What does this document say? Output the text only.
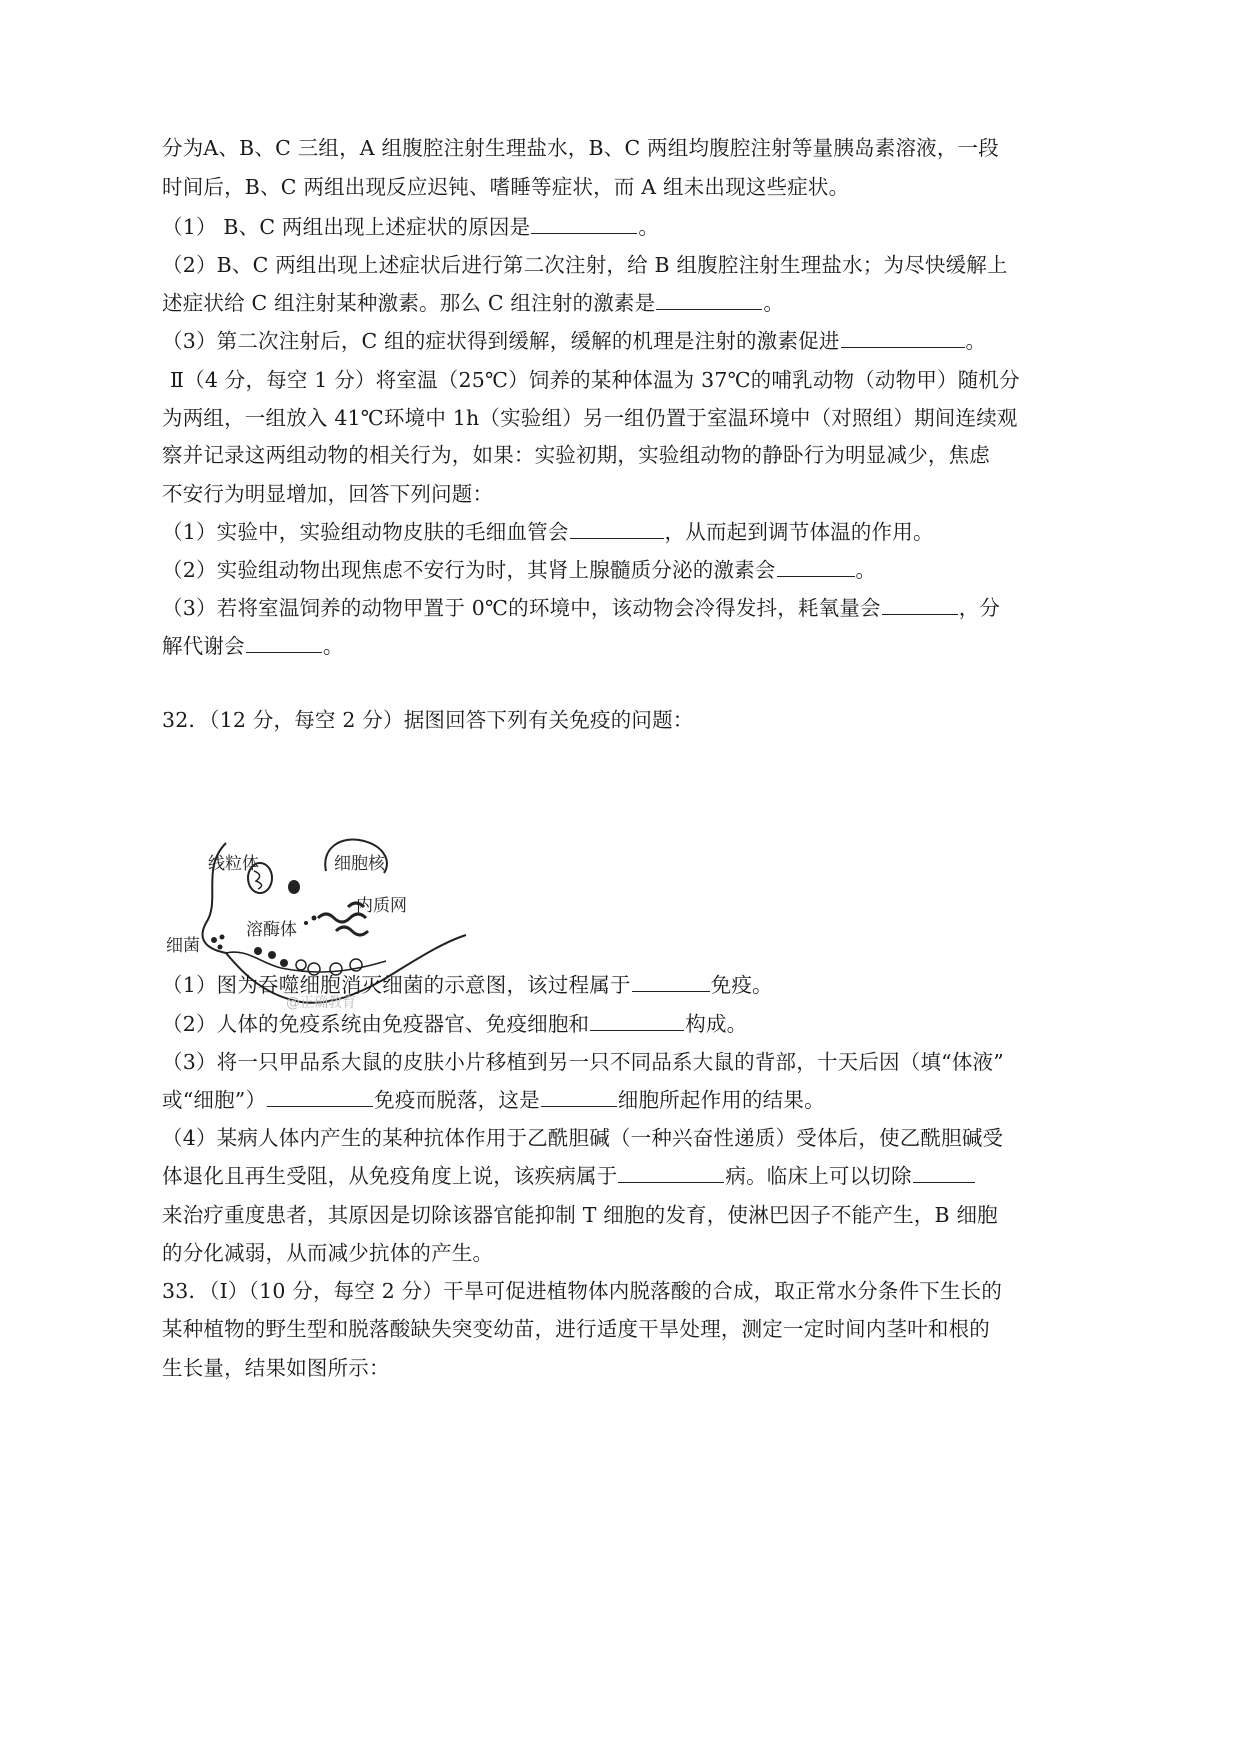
分为A、B、C 三组，A 组腹腔注射生理盐水，B、C 两组均腹腔注射等量胰岛素溶液，一段
时间后，B、C 两组出现反应迟钝、嗜睡等症状，而 A 组未出现这些症状。
（1） B、C 两组出现上述症状的原因是	。
（2）B、C 两组出现上述症状后进行第二次注射，给 B 组腹腔注射生理盐水；为尽快缓解上
述症状给 C 组注射某种激素。那么 C 组注射的激素是	。
（3）第二次注射后，C 组的症状得到缓解，缓解的机理是注射的激素促进	。
Ⅱ（4 分，每空 1 分）将室温（25℃）饲养的某种体温为 37℃的哺乳动物（动物甲）随机分
为两组，一组放入 41℃环境中 1h（实验组）另一组仍置于室温环境中（对照组）期间连续观
察并记录这两组动物的相关行为，如果：实验初期，实验组动物的静卧行为明显减少，焦虑
不安行为明显增加，回答下列问题：
（1）实验中，实验组动物皮肤的毛细血管会	，从而起到调节体温的作用。
（2）实验组动物出现焦虑不安行为时，其肾上腺髓质分泌的激素会	。
（3）若将室温饲养的动物甲置于 0℃的环境中，该动物会冷得发抖，耗氧量会	，分
解代谢会	。
32．（12 分，每空 2 分）据图回答下列有关免疫的问题：
线粒体	细胞核
内质网
溶酶体
细菌
@正确教育
（1）图为吞噬细胞消灭细菌的示意图，该过程属于	免疫。
（2）人体的免疫系统由免疫器官、免疫细胞和	构成。
（3）将一只甲品系大鼠的皮肤小片移植到另一只不同品系大鼠的背部，十天后因（填“体液”
或“细胞”）	免疫而脱落，这是	细胞所起作用的结果。
（4）某病人体内产生的某种抗体作用于乙酰胆碱（一种兴奋性递质）受体后，使乙酰胆碱受
体退化且再生受阻，从免疫角度上说，该疾病属于	病。临床上可以切除
来治疗重度患者，其原因是切除该器官能抑制 T 细胞的发育，使淋巴因子不能产生，B 细胞
的分化减弱，从而减少抗体的产生。
33．（Ⅰ）（10 分，每空 2 分）干旱可促进植物体内脱落酸的合成，取正常水分条件下生长的
某种植物的野生型和脱落酸缺失突变幼苗，进行适度干旱处理，测定一定时间内茎叶和根的
生长量，结果如图所示：
